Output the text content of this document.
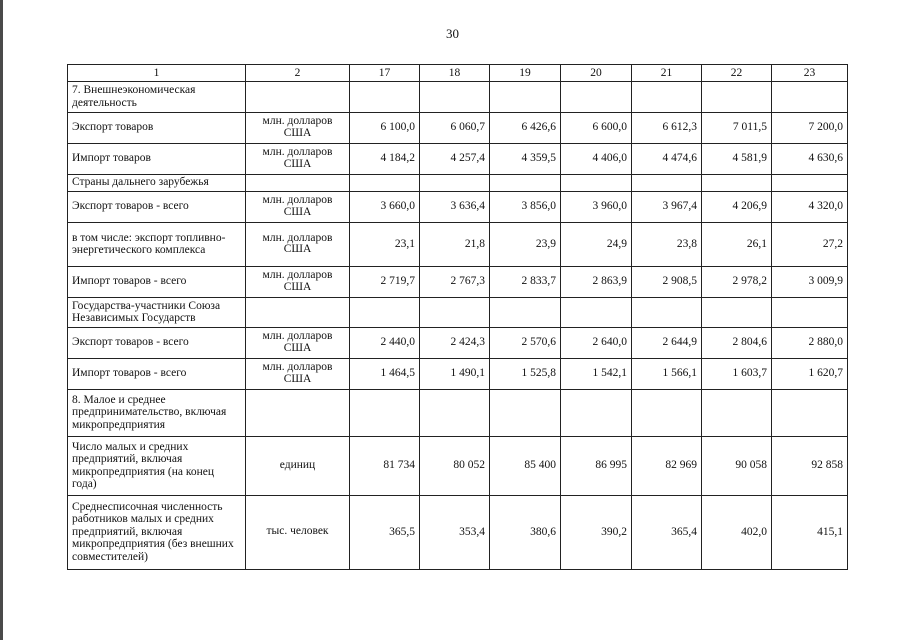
30
1	2	17	18	19	20	21	22	23
7. Внешнеэкономическая деятельность								
Экспорт товаров	млн. долларов США	6 100,0	6 060,7	6 426,6	6 600,0	6 612,3	7 011,5	7 200,0
Импорт товаров	млн. долларов США	4 184,2	4 257,4	4 359,5	4 406,0	4 474,6	4 581,9	4 630,6
Страны дальнего зарубежья								
Экспорт товаров - всего	млн. долларов США	3 660,0	3 636,4	3 856,0	3 960,0	3 967,4	4 206,9	4 320,0
в том числе: экспорт топливно-энергетического комплекса	млн. долларов США	23,1	21,8	23,9	24,9	23,8	26,1	27,2
Импорт товаров - всего	млн. долларов США	2 719,7	2 767,3	2 833,7	2 863,9	2 908,5	2 978,2	3 009,9
Государства-участники Союза Независимых Государств								
Экспорт товаров - всего	млн. долларов США	2 440,0	2 424,3	2 570,6	2 640,0	2 644,9	2 804,6	2 880,0
Импорт товаров - всего	млн. долларов США	1 464,5	1 490,1	1 525,8	1 542,1	1 566,1	1 603,7	1 620,7
8. Малое и среднее предпринимательство, включая микропредприятия								
Число малых и средних предприятий, включая микропредприятия (на конец года)	единиц	81 734	80 052	85 400	86 995	82 969	90 058	92 858
Среднесписочная численность работников малых и средних предприятий, включая микропредприятия (без внешних совместителей)	тыс. человек	365,5	353,4	380,6	390,2	365,4	402,0	415,1
